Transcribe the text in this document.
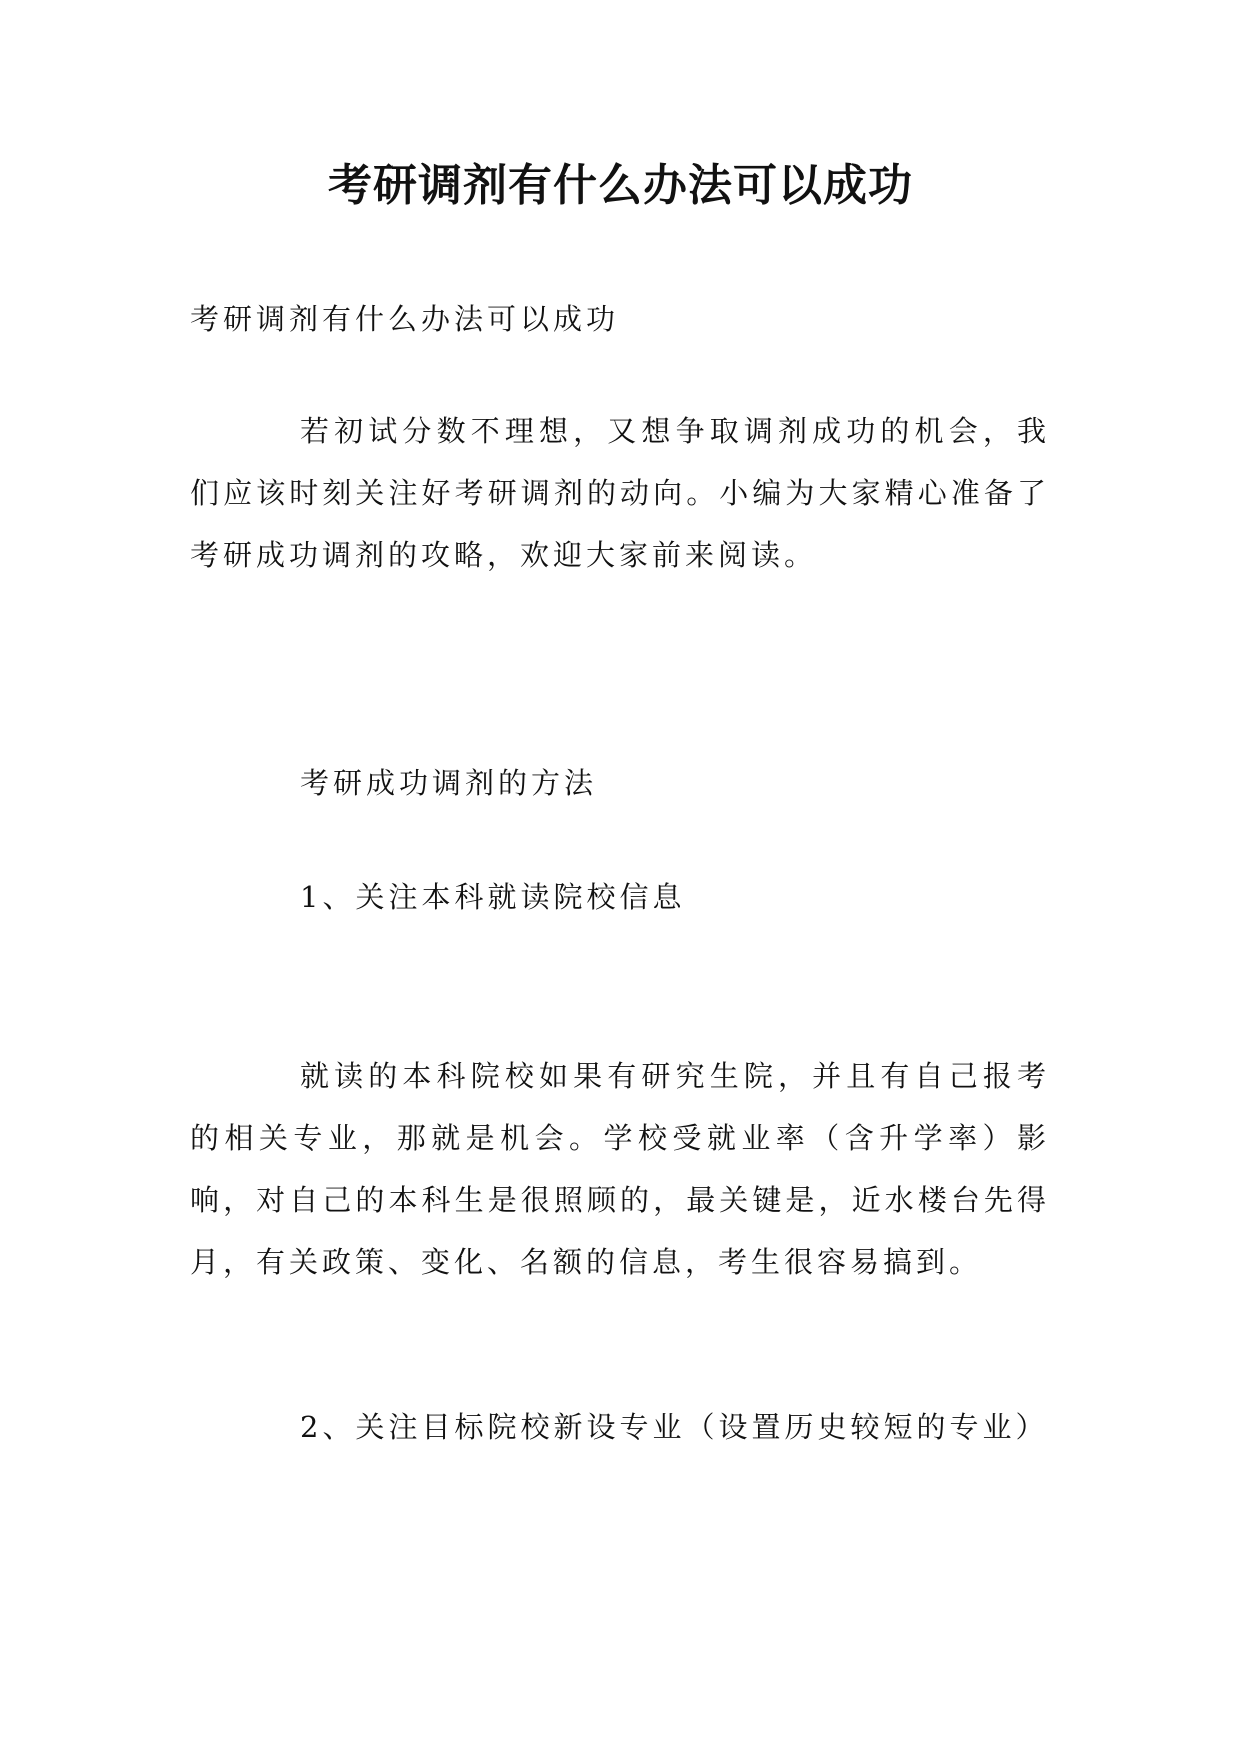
考研调剂有什么办法可以成功
考研调剂有什么办法可以成功
若初试分数不理想，又想争取调剂成功的机会，我们应该时刻关注好考研调剂的动向。小编为大家精心准备了考研成功调剂的攻略，欢迎大家前来阅读。
考研成功调剂的方法
1、关注本科就读院校信息
就读的本科院校如果有研究生院，并且有自己报考的相关专业，那就是机会。学校受就业率（含升学率）影响，对自己的本科生是很照顾的，最关键是，近水楼台先得月，有关政策、变化、名额的信息，考生很容易搞到。
2、关注目标院校新设专业（设置历史较短的专业）
